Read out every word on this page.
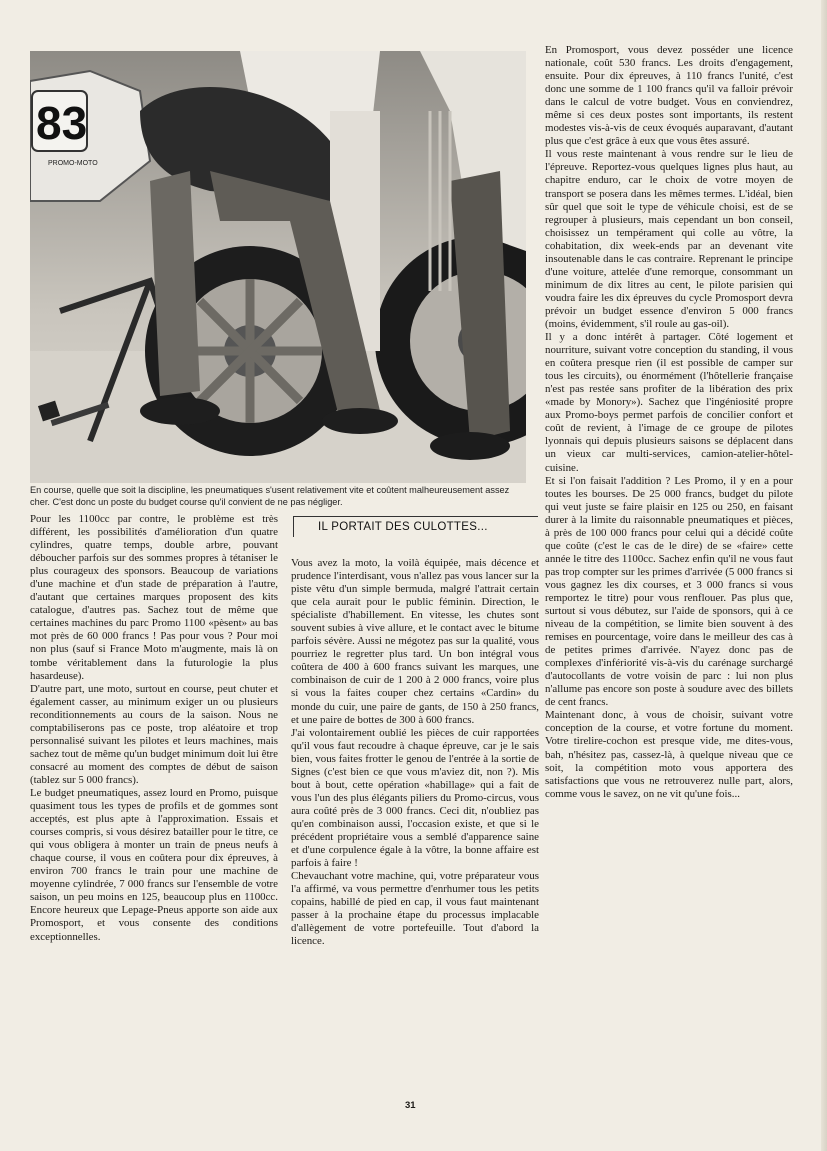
83
PROMO-MOTO
En course, quelle que soit la discipline, les pneumatiques s'usent relativement vite et coûtent malheureusement assez cher. C'est donc un poste du budget course qu'il convient de ne pas négliger.

Pour les 1100cc par contre, le problème est très différent, les possibilités d'amélioration d'un quatre cylindres, quatre temps, double arbre, pouvant déboucher parfois sur des sommes propres à tétaniser le plus courageux des sponsors. Beaucoup de variations d'une machine et d'un stade de préparation à l'autre, d'autant que certaines marques proposent des kits catalogue, d'autres pas. Sachez tout de même que certaines machines du parc Promo 1100 «pèsent» au bas mot près de 60 000 francs ! Pas pour vous ? Pour moi non plus (sauf si France Moto m'augmente, mais là on tombe véritablement dans la futurologie la plus hasardeuse).

D'autre part, une moto, surtout en course, peut chuter et également casser, au minimum exiger un ou plusieurs reconditionnements au cours de la saison. Nous ne comptabiliserons pas ce poste, trop aléatoire et trop personnalisé suivant les pilotes et leurs machines, mais sachez tout de même qu'un budget minimum doit lui être consacré au moment des comptes de début de saison (tablez sur 5 000 francs).

Le budget pneumatiques, assez lourd en Promo, puisque quasiment tous les types de profils et de gommes sont acceptés, est plus apte à l'approximation. Essais et courses compris, si vous désirez batailler pour le titre, ce qui vous obligera à monter un train de pneus neufs à chaque course, il vous en coûtera pour dix épreuves, à environ 700 francs le train pour une machine de moyenne cylindrée, 7 000 francs sur l'ensemble de votre saison, un peu moins en 125, beaucoup plus en 1100cc. Encore heureux que Lepage-Pneus apporte son aide aux Promosport, et vous consente des conditions exceptionnelles.

IL PORTAIT DES CULOTTES...

Vous avez la moto, la voilà équipée, mais décence et prudence l'interdisant, vous n'allez pas vous lancer sur la piste vêtu d'un simple bermuda, malgré l'attrait certain que cela aurait pour le public féminin. Direction, le spécialiste d'habillement. En vitesse, les chutes sont souvent subies à vive allure, et le contact avec le bitume parfois sévère. Aussi ne mégotez pas sur la qualité, vous pourriez le regretter plus tard. Un bon intégral vous coûtera de 400 à 600 francs suivant les marques, une combinaison de cuir de 1 200 à 2 000 francs, voire plus si vous la faites couper chez certains «Cardin» du monde du cuir, une paire de gants, de 150 à 250 francs, et une paire de bottes de 300 à 600 francs.

J'ai volontairement oublié les pièces de cuir rapportées qu'il vous faut recoudre à chaque épreuve, car je le sais bien, vous faites frotter le genou de l'entrée à la sortie de Signes (c'est bien ce que vous m'aviez dit, non ?). Mis bout à bout, cette opération «habillage» qui a fait de vous l'un des plus élégants piliers du Promo-circus, vous aura coûté près de 3 000 francs. Ceci dit, n'oubliez pas qu'en combinaison aussi, l'occasion existe, et que si le précédent propriétaire vous a semblé d'apparence saine et d'une corpulence égale à la vôtre, la bonne affaire est parfois à faire !

Chevauchant votre machine, qui, votre préparateur vous l'a affirmé, va vous permettre d'enrhumer tous les petits copains, habillé de pied en cap, il vous faut maintenant passer à la prochaine étape du processus implacable d'allègement de votre portefeuille. Tout d'abord la licence.

En Promosport, vous devez posséder une licence nationale, coût 530 francs. Les droits d'engagement, ensuite. Pour dix épreuves, à 110 francs l'unité, c'est donc une somme de 1 100 francs qu'il va falloir prévoir dans le calcul de votre budget. Vous en conviendrez, même si ces deux postes sont importants, ils restent modestes vis-à-vis de ceux évoqués auparavant, d'autant plus que c'est grâce à eux que vous êtes assuré.

Il vous reste maintenant à vous rendre sur le lieu de l'épreuve. Reportez-vous quelques lignes plus haut, au chapitre enduro, car le choix de votre moyen de transport se posera dans les mêmes termes. L'idéal, bien sûr quel que soit le type de véhicule choisi, est de se regrouper à plusieurs, mais cependant un bon conseil, choisissez un tempérament qui colle au vôtre, la cohabitation, dix week-ends par an devenant vite insoutenable dans le cas contraire. Reprenant le principe d'une voiture, attelée d'une remorque, consommant un minimum de dix litres au cent, le pilote parisien qui voudra faire les dix épreuves du cycle Promosport devra prévoir un budget essence d'environ 5 000 francs (moins, évidemment, s'il roule au gas-oil).

Il y a donc intérêt à partager. Côté logement et nourriture, suivant votre conception du standing, il vous en coûtera presque rien (il est possible de camper sur tous les circuits), ou énormément (l'hôtellerie française n'est pas restée sans profiter de la libération des prix «made by Monory»). Sachez que l'ingéniosité propre aux Promo-boys permet parfois de concilier confort et coût de revient, à l'image de ce groupe de pilotes lyonnais qui depuis plusieurs saisons se déplacent dans un vieux car multi-services, camion-atelier-hôtel-cuisine.

Et si l'on faisait l'addition ? Les Promo, il y en a pour toutes les bourses. De 25 000 francs, budget du pilote qui veut juste se faire plaisir en 125 ou 250, en faisant durer à la limite du raisonnable pneumatiques et pièces, à près de 100 000 francs pour celui qui a décidé coûte que coûte (c'est le cas de le dire) de se «faire» cette année le titre des 1100cc. Sachez enfin qu'il ne vous faut pas trop compter sur les primes d'arrivée (5 000 francs si vous gagnez les dix courses, et 3 000 francs si vous remportez le titre) pour vous renflouer. Pas plus que, surtout si vous débutez, sur l'aide de sponsors, qui à ce niveau de la compétition, se limite bien souvent à des remises en pourcentage, voire dans le meilleur des cas à de petites primes d'arrivée. N'ayez donc pas de complexes d'infériorité vis-à-vis du carénage surchargé d'autocollants de votre voisin de parc : lui non plus n'allume pas encore son poste à soudure avec des billets de cent francs.

Maintenant donc, à vous de choisir, suivant votre conception de la course, et votre fortune du moment. Votre tirelire-cochon est presque vide, me dites-vous, bah, n'hésitez pas, cassez-là, à quelque niveau que ce soit, la compétition moto vous apportera des satisfactions que vous ne retrouverez nulle part, alors, comme vous le savez, on ne vit qu'une fois...

31
